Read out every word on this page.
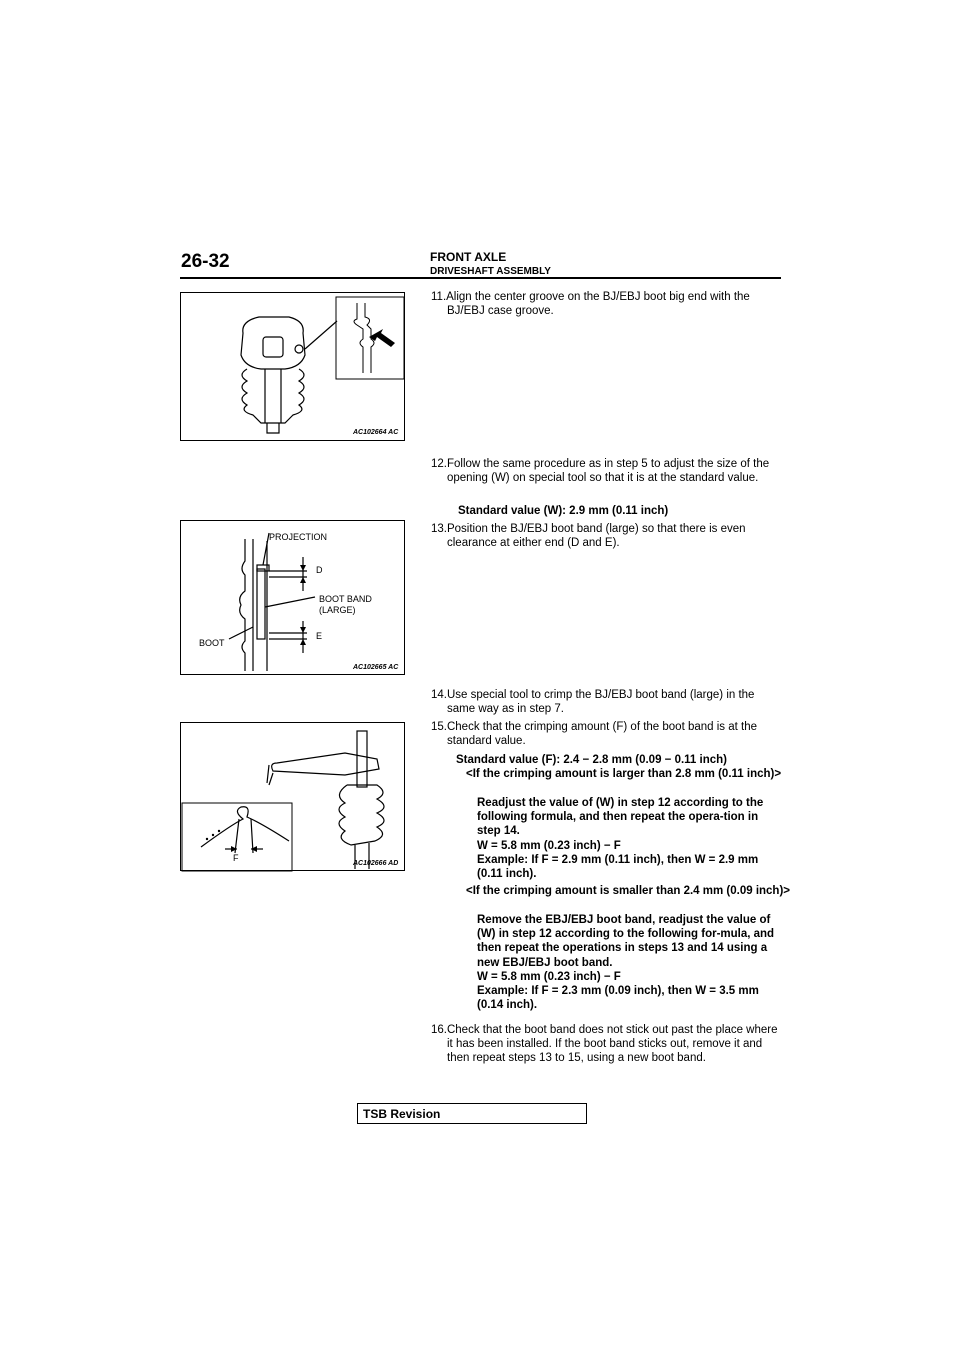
26-32	FRONT AXLE
DRIVESHAFT ASSEMBLY
AC102664 AC
PROJECTION
D
BOOT BAND
(LARGE)
E
BOOT
AC102665 AC
F
AC102666 AD
11.Align the center groove on the BJ/EBJ boot big end with the BJ/EBJ case groove.
12.Follow the same procedure as in step 5 to adjust the size of the opening (W) on special tool so that it is at the standard value.
Standard value (W): 2.9 mm (0.11 inch)
13.Position the BJ/EBJ boot band (large) so that there is even clearance at either end (D and E).
14.Use special tool to crimp the BJ/EBJ boot band (large) in the same way as in step 7.
15.Check that the crimping amount (F) of the boot band is at the standard value.
Standard value (F): 2.4 − 2.8 mm (0.09 − 0.11 inch)
<If the crimping amount is larger than 2.8 mm (0.11 inch)>
Readjust the value of (W) in step 12 according to the following formula, and then repeat the opera-tion in step 14.
W = 5.8 mm (0.23 inch) − F
Example: If F = 2.9 mm (0.11 inch), then W = 2.9 mm (0.11 inch).
<If the crimping amount is smaller than 2.4 mm (0.09 inch)>
Remove the EBJ/EBJ boot band, readjust the value of (W) in step 12 according to the following for-mula, and then repeat the operations in steps 13 and 14 using a new EBJ/EBJ boot band.
W = 5.8 mm (0.23 inch) − F
Example: If F = 2.3 mm (0.09 inch), then W = 3.5 mm (0.14 inch).
16.Check that the boot band does not stick out past the place where it has been installed. If the boot band sticks out, remove it and then repeat steps 13 to 15, using a new boot band.
TSB Revision
